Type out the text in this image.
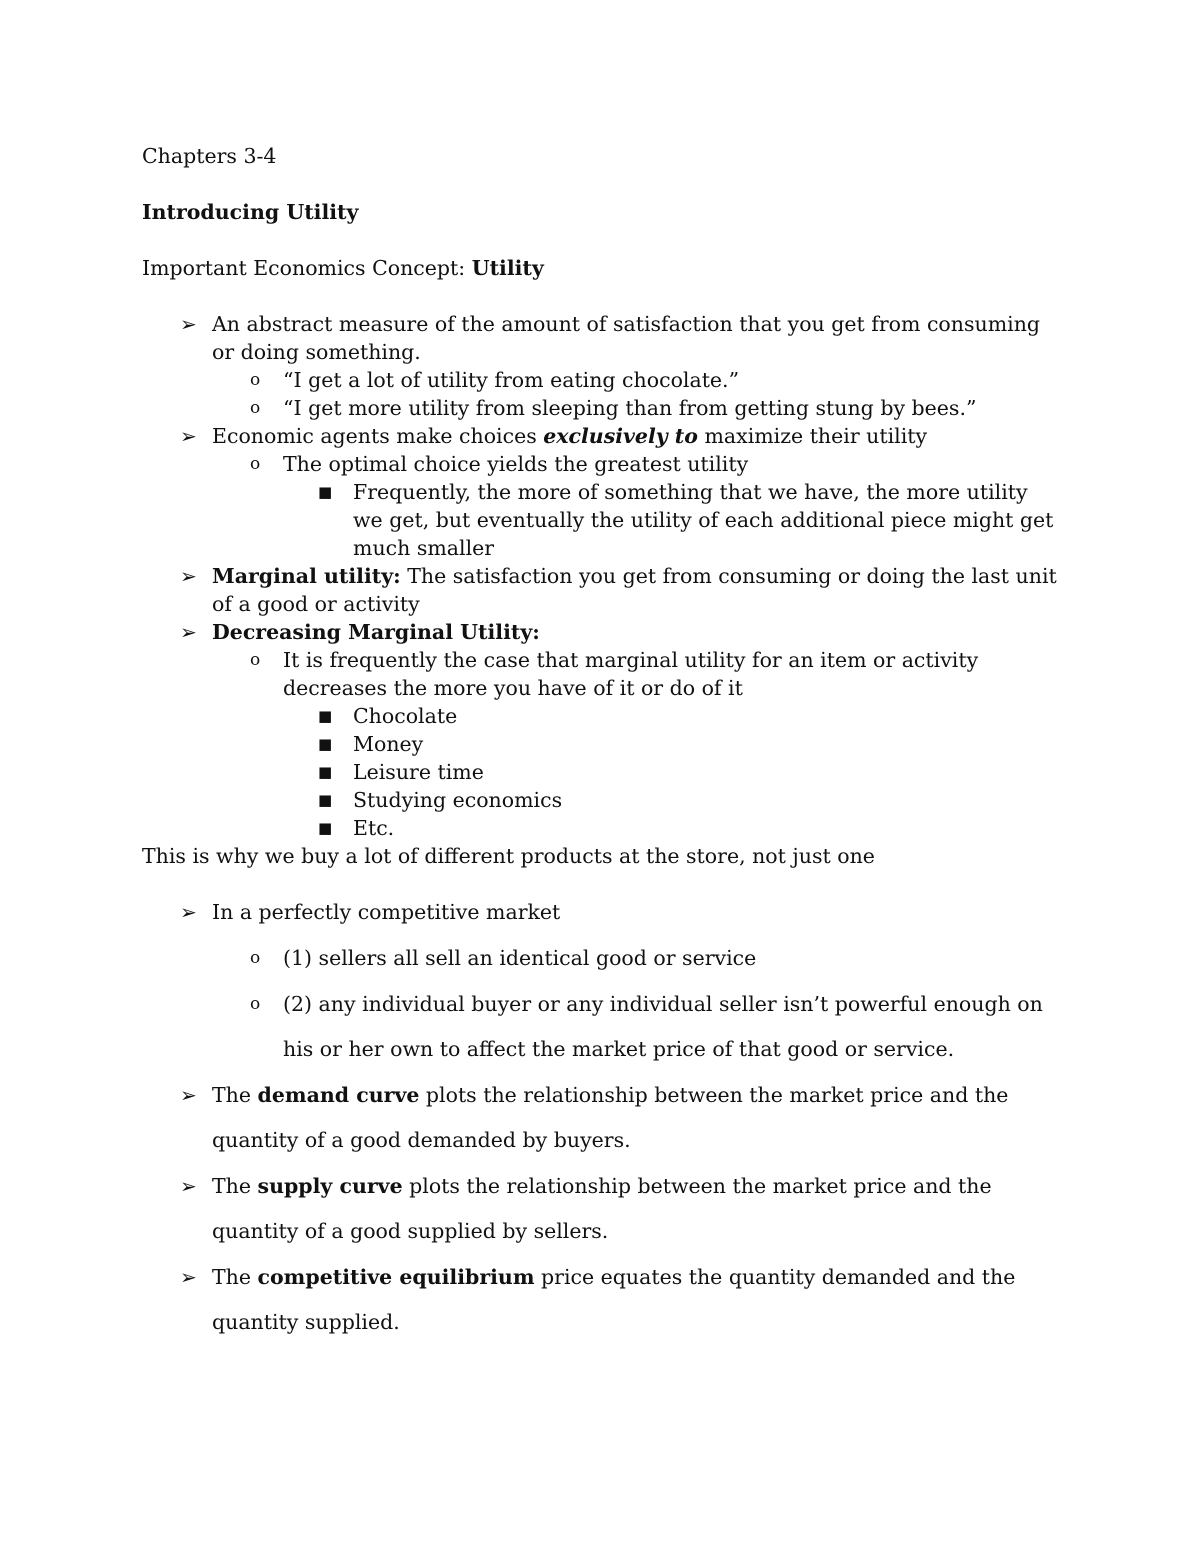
Chapters 3-4
Introducing Utility
Important Economics Concept: Utility
➢ An abstract measure of the amount of satisfaction that you get from consuming
or doing something.
o “I get a lot of utility from eating chocolate.”
o “I get more utility from sleeping than from getting stung by bees.”
➢ Economic agents make choices exclusively to maximize their utility
o The optimal choice yields the greatest utility
■ Frequently, the more of something that we have, the more utility
we get, but eventually the utility of each additional piece might get
much smaller
➢ Marginal utility: The satisfaction you get from consuming or doing the last unit
of a good or activity
➢ Decreasing Marginal Utility:
o It is frequently the case that marginal utility for an item or activity
decreases the more you have of it or do of it
■ Chocolate
■ Money
■ Leisure time
■ Studying economics
■ Etc.
This is why we buy a lot of different products at the store, not just one
➢ In a perfectly competitive market
o (1) sellers all sell an identical good or service
o (2) any individual buyer or any individual seller isn’t powerful enough on
his or her own to affect the market price of that good or service.
➢ The demand curve plots the relationship between the market price and the
quantity of a good demanded by buyers.
➢ The supply curve plots the relationship between the market price and the
quantity of a good supplied by sellers.
➢ The competitive equilibrium price equates the quantity demanded and the
quantity supplied.
